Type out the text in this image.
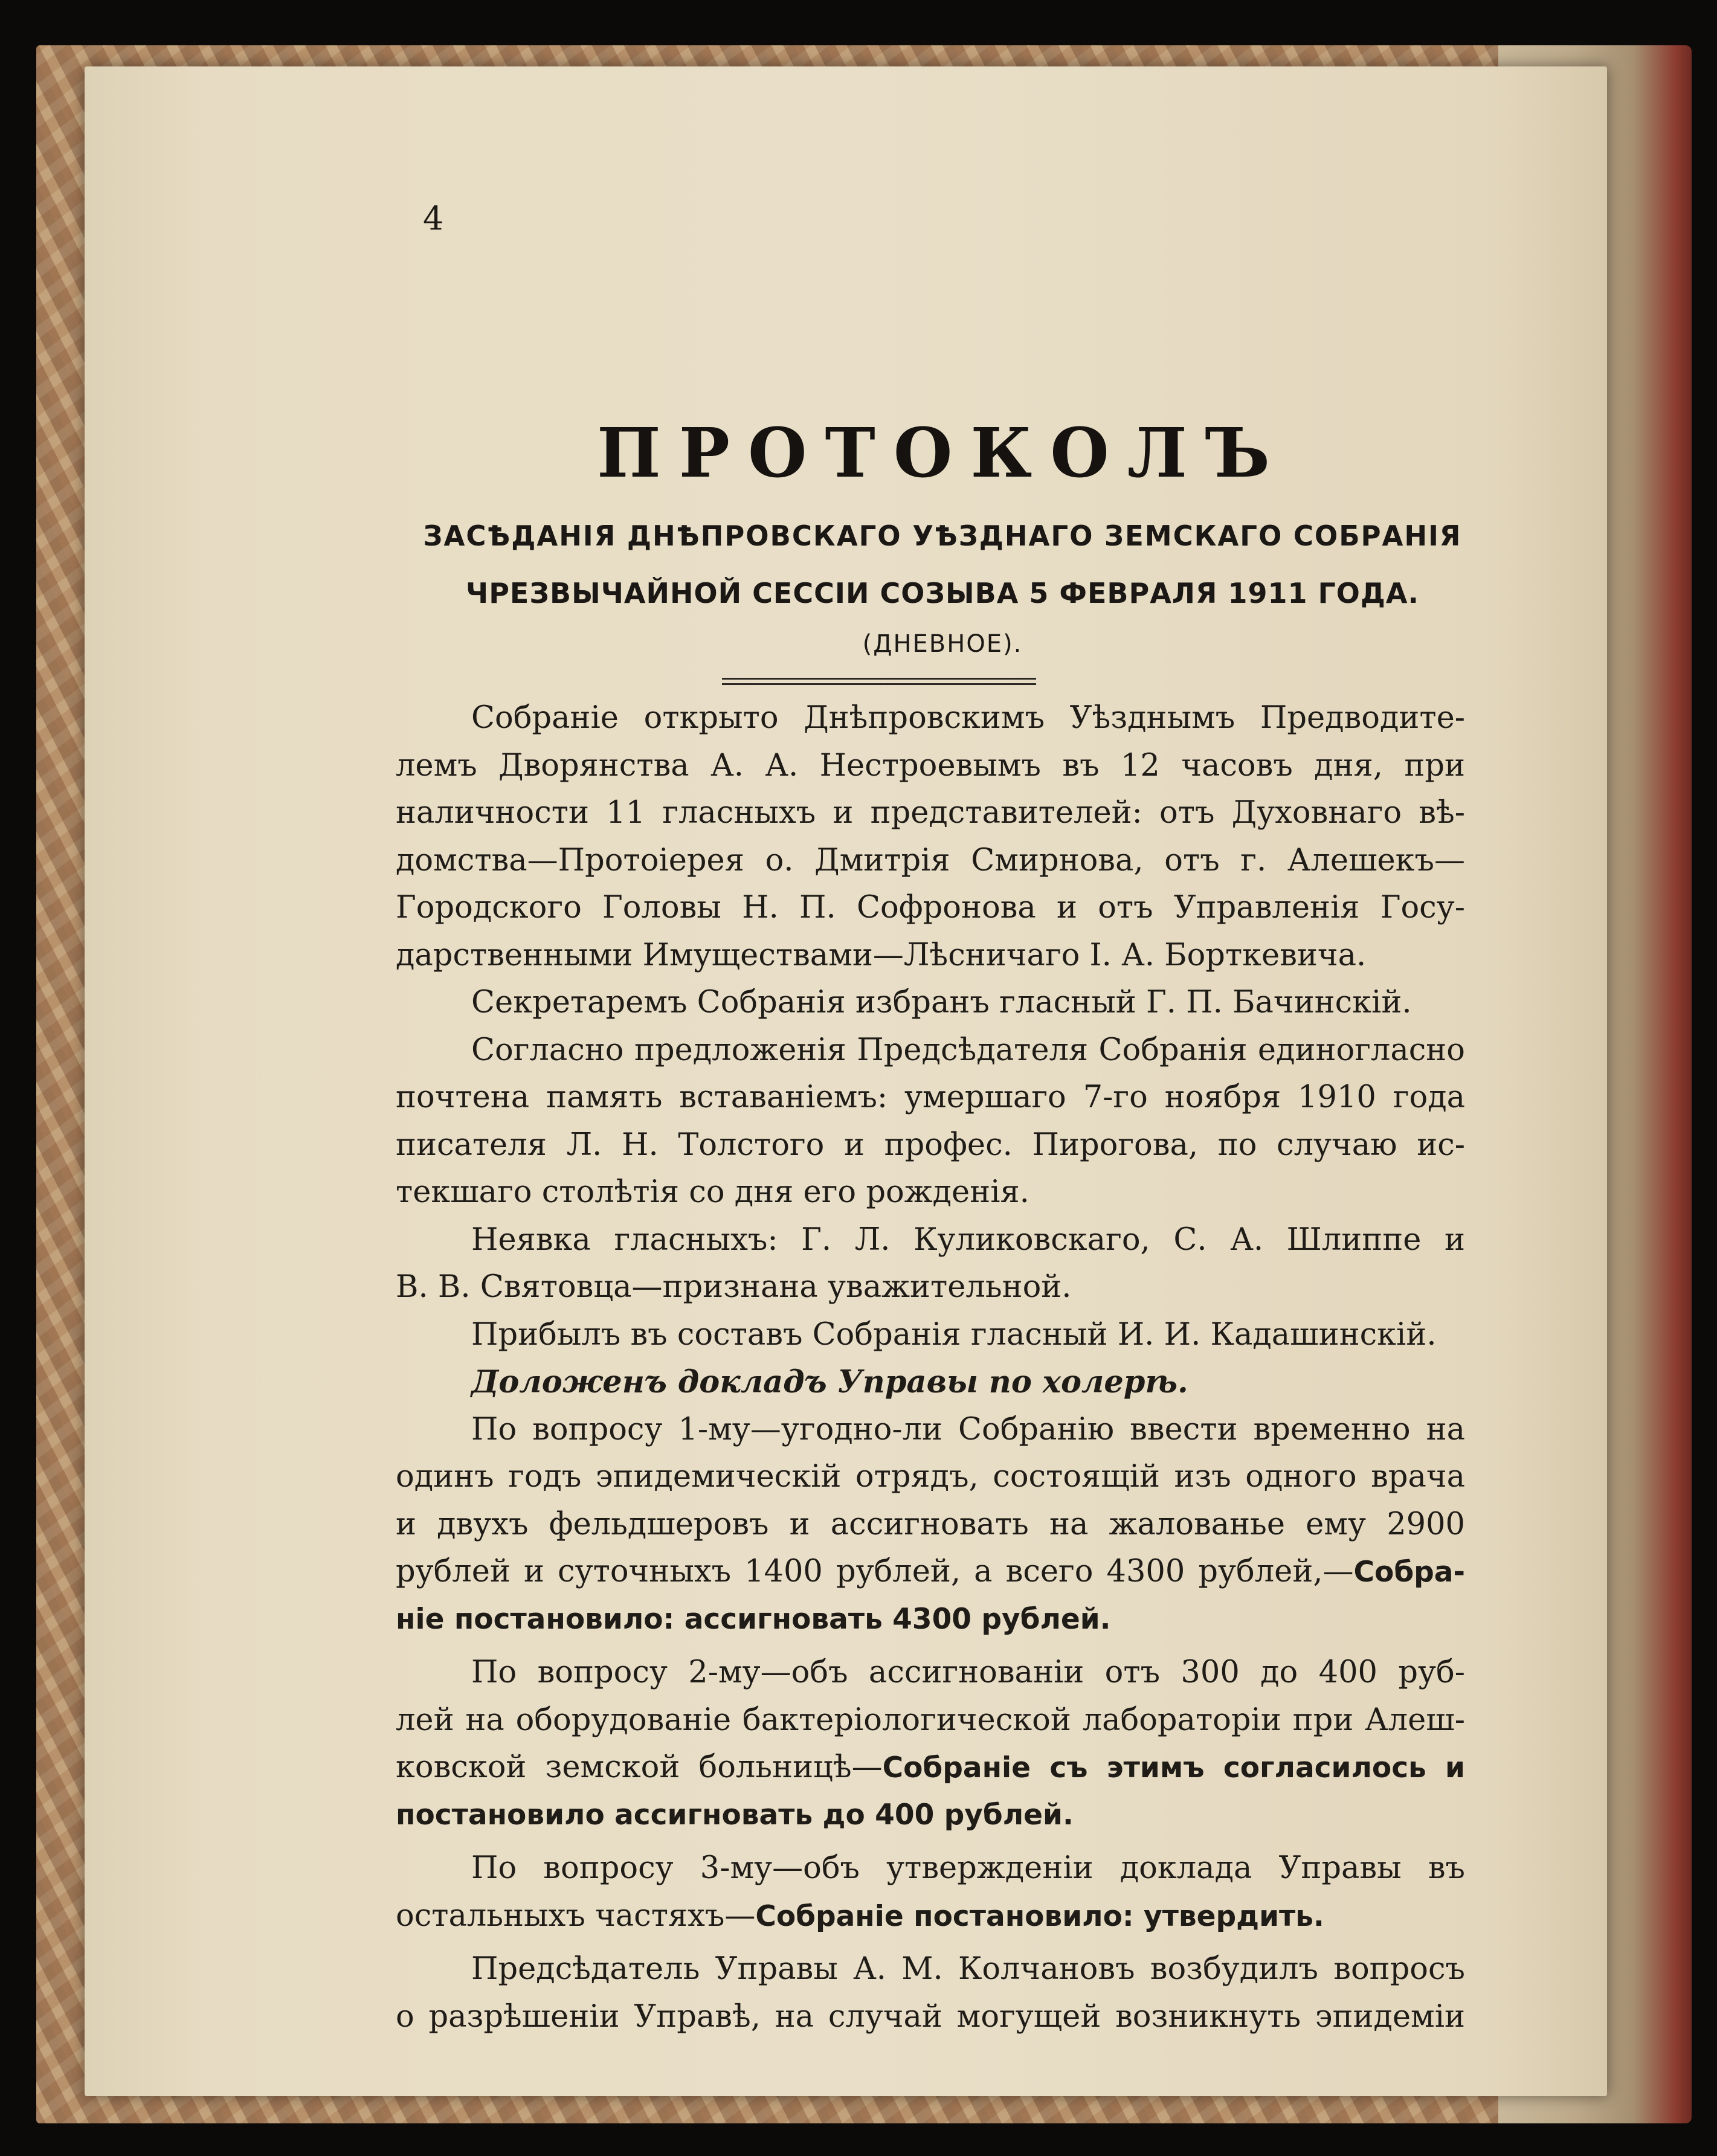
4
ПРОТОКОЛЪ
ЗАСѢДАНІЯ ДНѢПРОВСКАГО УѢЗДНАГО ЗЕМСКАГО СОБРАНІЯ
ЧРЕЗВЫЧАЙНОЙ СЕССІИ СОЗЫВА 5 ФЕВРАЛЯ 1911 ГОДА.
(ДНЕВНОЕ).
Собраніе открыто Днѣпровскимъ Уѣзднымъ Предводите-
лемъ Дворянства А. А. Нестроевымъ въ 12 часовъ дня, при
наличности 11 гласныхъ и представителей: отъ Духовнаго вѣ-
домства—Протоіерея о. Дмитрія Смирнова, отъ г. Алешекъ—
Городского Головы Н. П. Софронова и отъ Управленія Госу-
дарственными Имуществами—Лѣсничаго І. А. Борткевича.
Секретаремъ Собранія избранъ гласный Г. П. Бачинскій.
Согласно предложенія Предсѣдателя Собранія единогласно
почтена память вставаніемъ: умершаго 7-го ноября 1910 года
писателя Л. Н. Толстого и профес. Пирогова, по случаю ис-
текшаго столѣтія со дня его рожденія.
Неявка гласныхъ: Г. Л. Куликовскаго, С. А. Шлиппе и
В. В. Святовца—признана уважительной.
Прибылъ въ составъ Собранія гласный И. И. Кадашинскій.
Доложенъ докладъ Управы по холерѣ.
По вопросу 1-му—угодно-ли Собранію ввести временно на
одинъ годъ эпидемическій отрядъ, состоящій изъ одного врача
и двухъ фельдшеровъ и ассигновать на жалованье ему 2900
рублей и суточныхъ 1400 рублей, а всего 4300 рублей,—Собра-
ніе постановило: ассигновать 4300 рублей.
По вопросу 2-му—объ ассигнованіи отъ 300 до 400 руб-
лей на оборудованіе бактеріологической лабораторіи при Алеш-
ковской земской больницѣ—Собраніе съ этимъ согласилось и
постановило ассигновать до 400 рублей.
По вопросу 3-му—объ утвержденіи доклада Управы въ
остальныхъ частяхъ—Собраніе постановило: утвердить.
Предсѣдатель Управы А. М. Колчановъ возбудилъ вопросъ
о разрѣшеніи Управѣ, на случай могущей возникнуть эпидеміи
